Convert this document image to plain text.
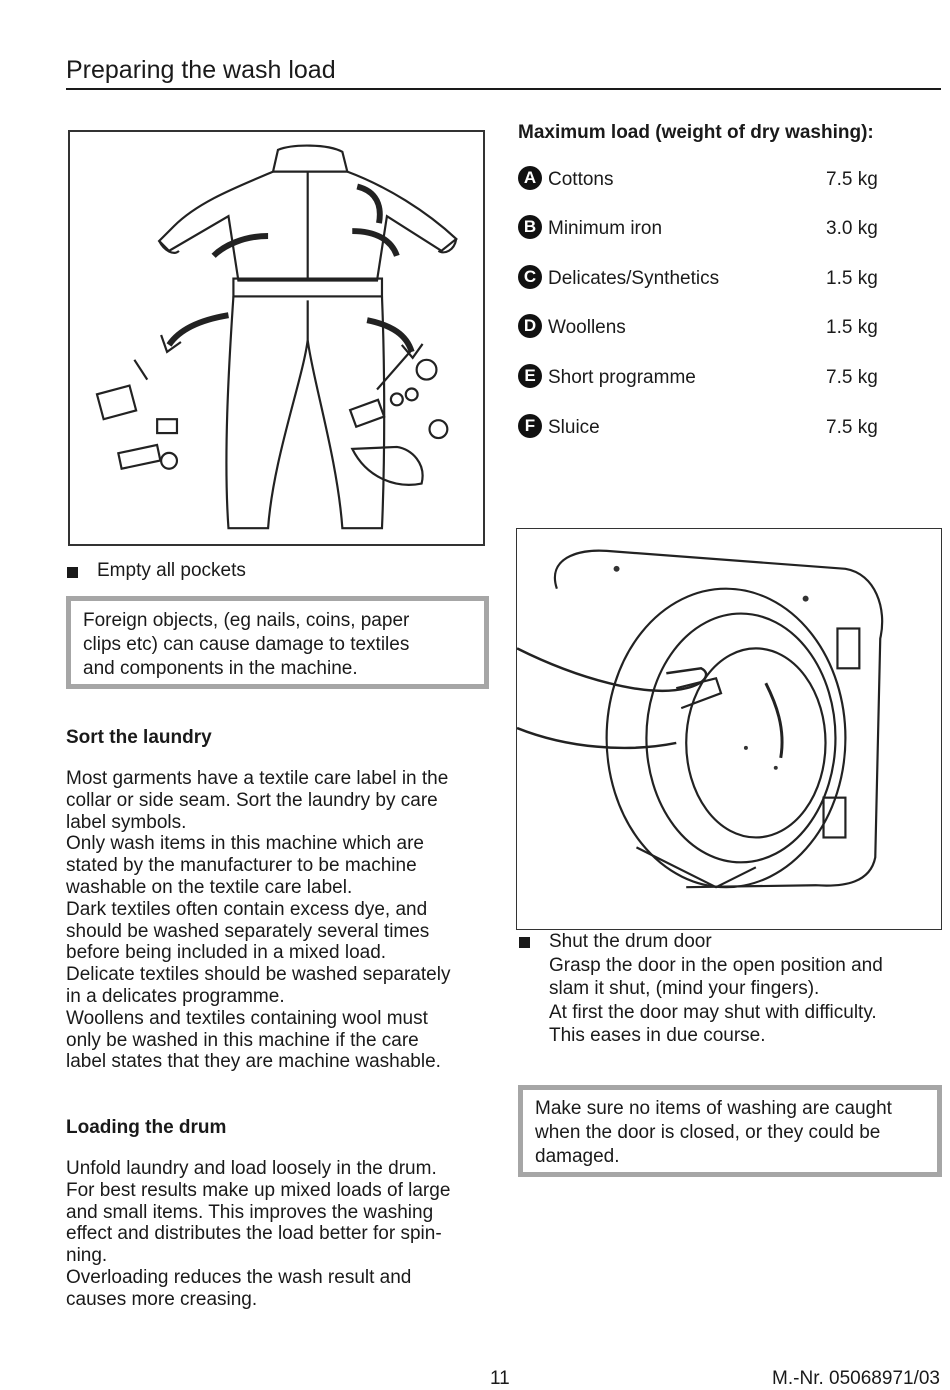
Preparing the wash load
Empty all pockets
Foreign objects, (eg nails, coins, paper
clips etc) can cause damage to textiles
and components in the machine.
Sort the laundry

Most garments have a textile care label in the
collar or side seam. Sort the laundry by care
label symbols.
Only wash items in this machine which are
stated by the manufacturer to be machine
washable on the textile care label.
Dark textiles often contain excess dye, and
should be washed separately several times
before being included in a mixed load.
Delicate textiles should be washed separately
in a delicates programme.
Woollens and textiles containing wool must
only be washed in this machine if the care
label states that they are machine washable.

Loading the drum

Unfold laundry and load loosely in the drum.
For best results make up mixed loads of large
and small items. This improves the washing
effect and distributes the load better for spin-
ning.
Overloading reduces the wash result and
causes more creasing.

Maximum load (weight of dry washing):
A Cottons	7.5 kg
B Minimum iron	3.0 kg
C Delicates/Synthetics	1.5 kg
D Woollens	1.5 kg
E Short programme	7.5 kg
F Sluice	7.5 kg

Shut the drum door
Grasp the door in the open position and
slam it shut, (mind your fingers).
At first the door may shut with difficulty.
This eases in due course.

Make sure no items of washing are caught
when the door is closed, or they could be
damaged.
11	M.-Nr. 05068971/03
